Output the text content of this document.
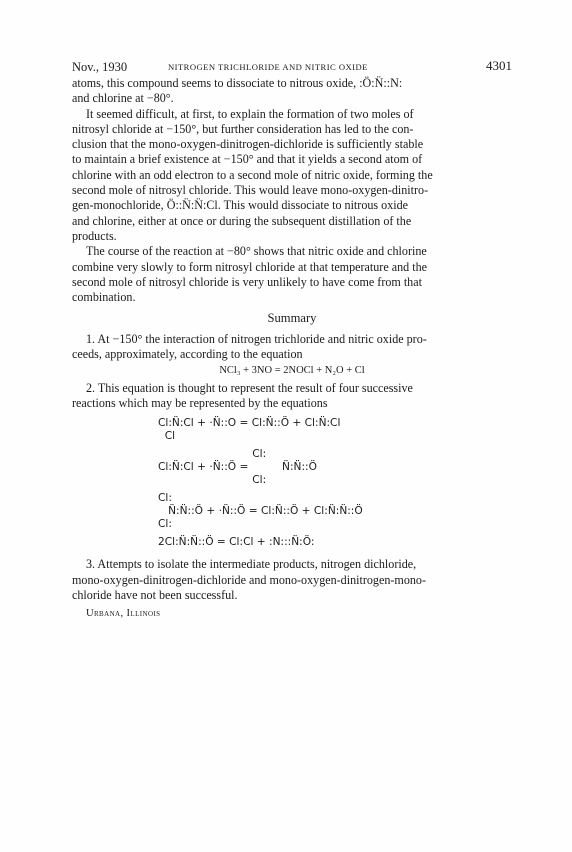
Nov., 1930	NITROGEN TRICHLORIDE AND NITRIC OXIDE	4301

atoms, this compound seems to dissociate to nitrous oxide, :Ö:N̈::N:
and chlorine at −80°.

It seemed difficult, at first, to explain the formation of two moles of
nitrosyl chloride at −150°, but further consideration has led to the con-
clusion that the mono-oxygen-dinitrogen-dichloride is sufficiently stable
to maintain a brief existence at −150° and that it yields a second atom of
chlorine with an odd electron to a second mole of nitric oxide, forming the
second mole of nitrosyl chloride. This would leave mono-oxygen-dinitro-
gen-monochloride, Ö::N̈:N̈:Cl. This would dissociate to nitrous oxide
and chlorine, either at once or during the subsequent distillation of the
products.

The course of the reaction at −80° shows that nitric oxide and chlorine
combine very slowly to form nitrosyl chloride at that temperature and the
second mole of nitrosyl chloride is very unlikely to have come from that
combination.

Summary

1. At −150° the interaction of nitrogen trichloride and nitric oxide pro-
ceeds, approximately, according to the equation

NCl₃ + 3NO = 2NOCl + N₂O + Cl

2. This equation is thought to represent the result of four successive
reactions which may be represented by the equations

Cl:N̈:Cl + ·N̈::O = Cl:N̈::Ö + Cl:N̈:Cl
Cl
Cl:
Cl:N̈:Cl + ·N̈::Ö =          N̈:N̈::Ö
Cl:
Cl:
N̈:N̈::Ö + ·N̈::Ö = Cl:N̈::Ö + Cl:N̈:N̈::Ö
Cl:
2Cl:N̈:N̈::Ö = Cl:Cl + :N:::N̈:Ö:

3. Attempts to isolate the intermediate products, nitrogen dichloride,
mono-oxygen-dinitrogen-dichloride and mono-oxygen-dinitrogen-mono-
chloride have not been successful.

Urbana, Illinois
